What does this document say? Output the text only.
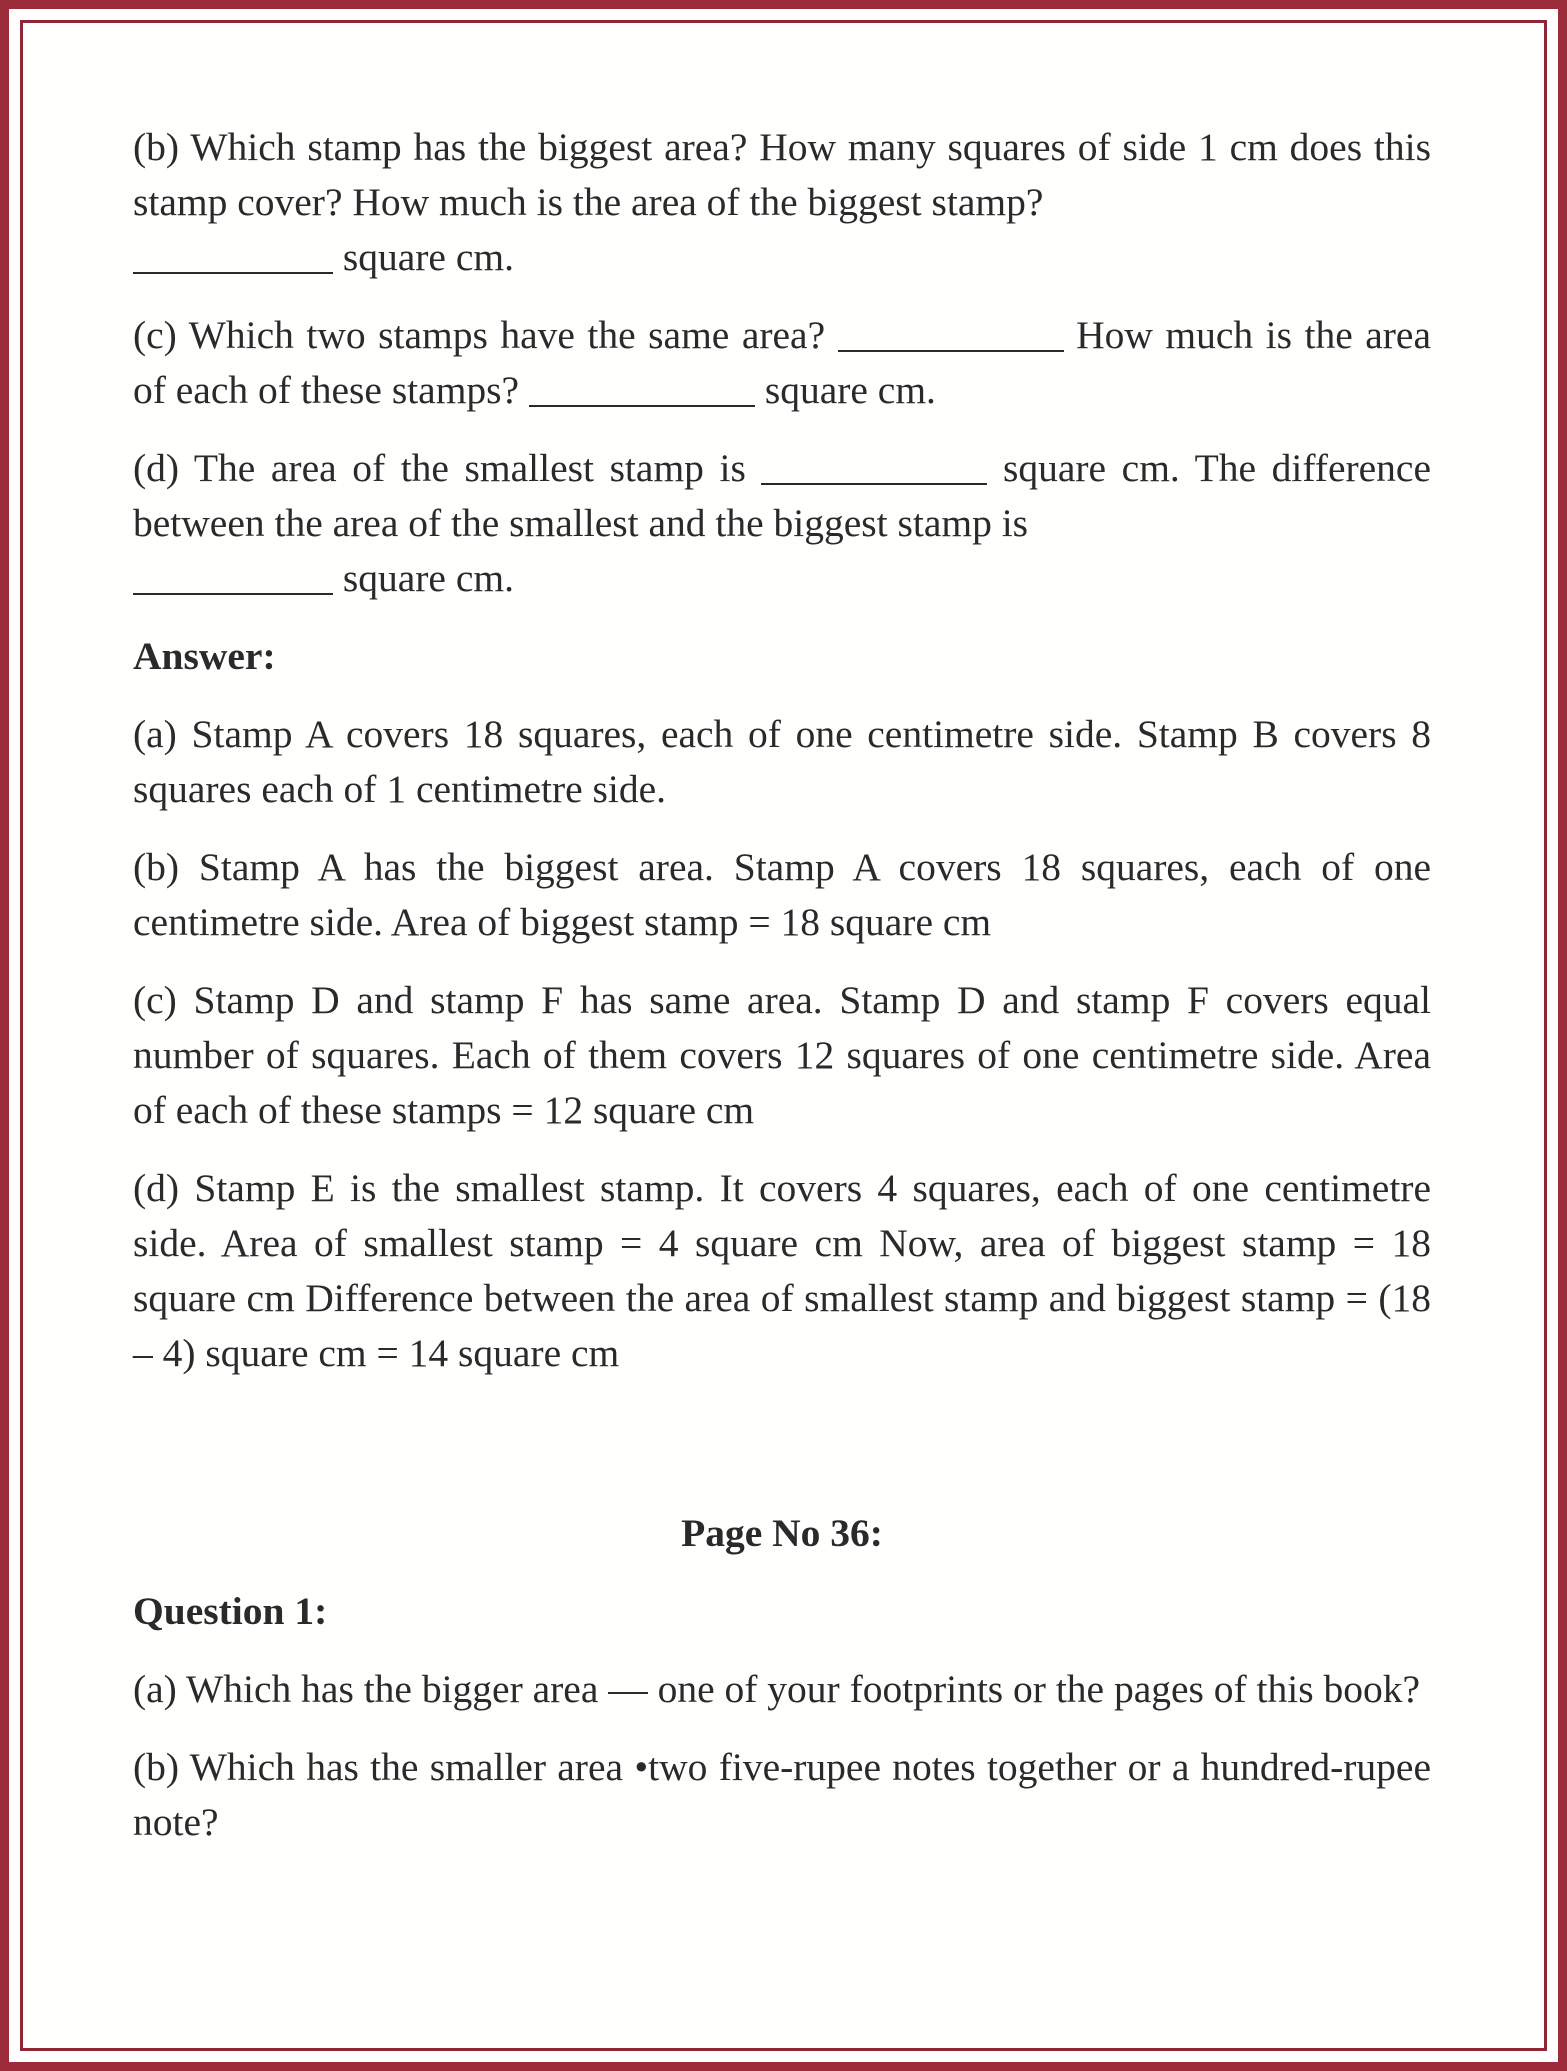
(b) Which stamp has the biggest area? How many squares of side 1 cm does this stamp cover? How much is the area of the biggest stamp?
square cm.

(c) Which two stamps have the same area?	How much is the area of each of these stamps?	square cm.

(d) The area of the smallest stamp is	square cm. The difference between the area of the smallest and the biggest stamp is
square cm.

Answer:

(a) Stamp A covers 18 squares, each of one centimetre side. Stamp B covers 8 squares each of 1 centimetre side.

(b) Stamp A has the biggest area. Stamp A covers 18 squares, each of one centimetre side. Area of biggest stamp = 18 square cm

(c) Stamp D and stamp F has same area. Stamp D and stamp F covers equal number of squares. Each of them covers 12 squares of one centimetre side. Area of each of these stamps = 12 square cm

(d) Stamp E is the smallest stamp. It covers 4 squares, each of one centimetre side. Area of smallest stamp = 4 square cm Now, area of biggest stamp = 18 square cm Difference between the area of smallest stamp and biggest stamp = (18 – 4) square cm = 14 square cm

Page No 36:

Question 1:

(a) Which has the bigger area — one of your footprints or the pages of this book?

(b) Which has the smaller area •two five-rupee notes together or a hundred-rupee note?
